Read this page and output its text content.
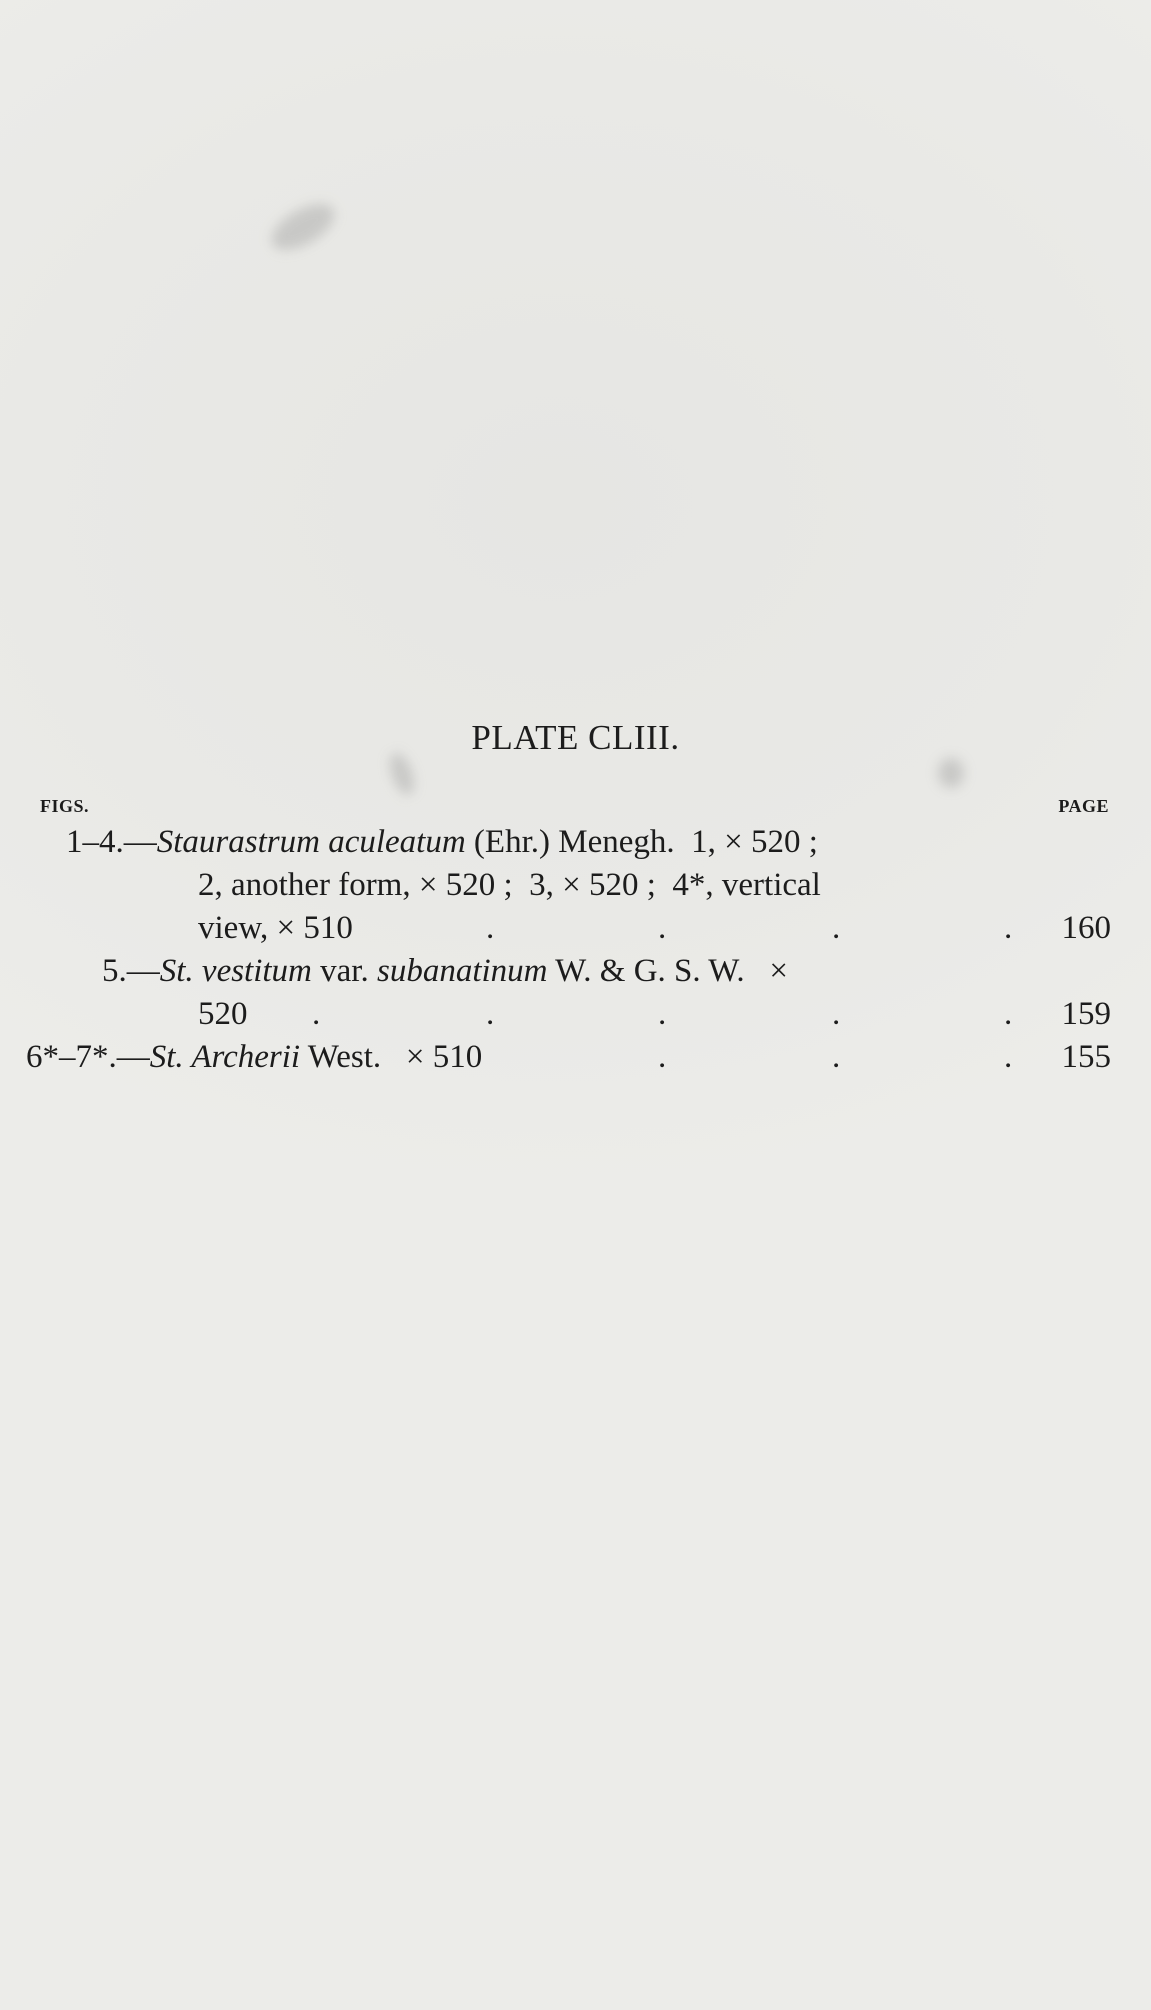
PLATE CLIII.
FIGS.	PAGE
1–4.—Staurastrum aculeatum (Ehr.) Menegh.  1, × 520 ;
2, another form, × 520 ;  3, × 520 ;  4*, vertical
view, × 510	.	.	.	. 160
5.—St. vestitum var. subanatinum W. & G. S. W.   ×
520 .	.	.	.	. 159
6*–7*.—St. Archerii West.   × 510	.	.	. 155
